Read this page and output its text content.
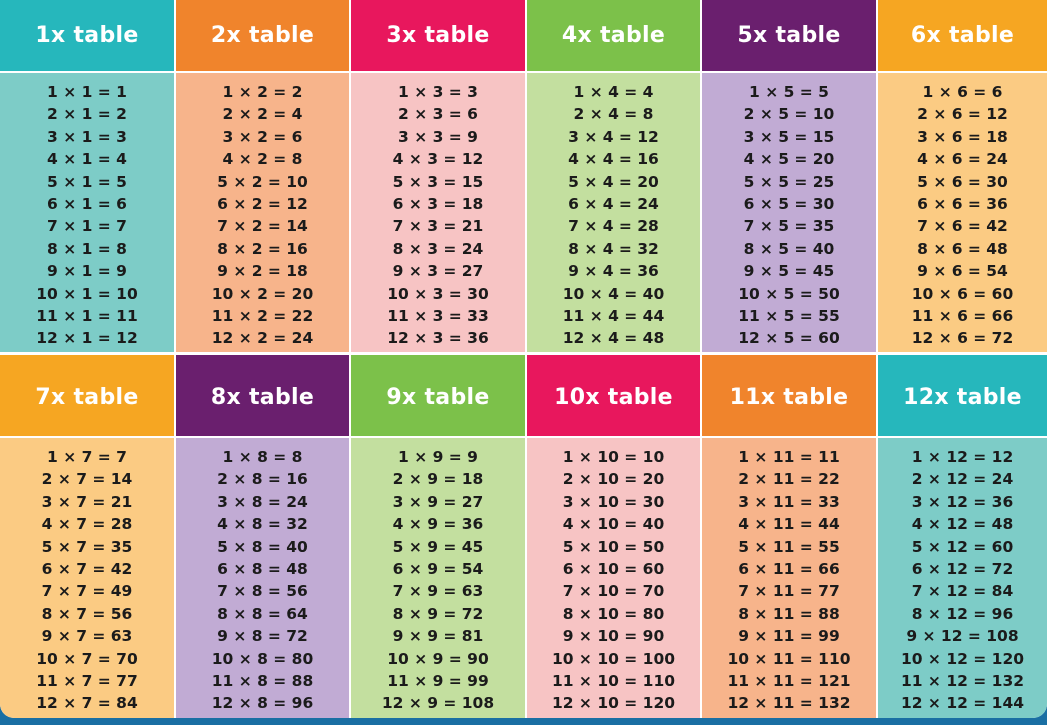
1x table
1 × 1 = 1
2 × 1 = 2
3 × 1 = 3
4 × 1 = 4
5 × 1 = 5
6 × 1 = 6
7 × 1 = 7
8 × 1 = 8
9 × 1 = 9
10 × 1 = 10
11 × 1 = 11
12 × 1 = 12
2x table
1 × 2 = 2
2 × 2 = 4
3 × 2 = 6
4 × 2 = 8
5 × 2 = 10
6 × 2 = 12
7 × 2 = 14
8 × 2 = 16
9 × 2 = 18
10 × 2 = 20
11 × 2 = 22
12 × 2 = 24
3x table
1 × 3 = 3
2 × 3 = 6
3 × 3 = 9
4 × 3 = 12
5 × 3 = 15
6 × 3 = 18
7 × 3 = 21
8 × 3 = 24
9 × 3 = 27
10 × 3 = 30
11 × 3 = 33
12 × 3 = 36
4x table
1 × 4 = 4
2 × 4 = 8
3 × 4 = 12
4 × 4 = 16
5 × 4 = 20
6 × 4 = 24
7 × 4 = 28
8 × 4 = 32
9 × 4 = 36
10 × 4 = 40
11 × 4 = 44
12 × 4 = 48
5x table
1 × 5 = 5
2 × 5 = 10
3 × 5 = 15
4 × 5 = 20
5 × 5 = 25
6 × 5 = 30
7 × 5 = 35
8 × 5 = 40
9 × 5 = 45
10 × 5 = 50
11 × 5 = 55
12 × 5 = 60
6x table
1 × 6 = 6
2 × 6 = 12
3 × 6 = 18
4 × 6 = 24
5 × 6 = 30
6 × 6 = 36
7 × 6 = 42
8 × 6 = 48
9 × 6 = 54
10 × 6 = 60
11 × 6 = 66
12 × 6 = 72
7x table
1 × 7 = 7
2 × 7 = 14
3 × 7 = 21
4 × 7 = 28
5 × 7 = 35
6 × 7 = 42
7 × 7 = 49
8 × 7 = 56
9 × 7 = 63
10 × 7 = 70
11 × 7 = 77
12 × 7 = 84
8x table
1 × 8 = 8
2 × 8 = 16
3 × 8 = 24
4 × 8 = 32
5 × 8 = 40
6 × 8 = 48
7 × 8 = 56
8 × 8 = 64
9 × 8 = 72
10 × 8 = 80
11 × 8 = 88
12 × 8 = 96
9x table
1 × 9 = 9
2 × 9 = 18
3 × 9 = 27
4 × 9 = 36
5 × 9 = 45
6 × 9 = 54
7 × 9 = 63
8 × 9 = 72
9 × 9 = 81
10 × 9 = 90
11 × 9 = 99
12 × 9 = 108
10x table
1 × 10 = 10
2 × 10 = 20
3 × 10 = 30
4 × 10 = 40
5 × 10 = 50
6 × 10 = 60
7 × 10 = 70
8 × 10 = 80
9 × 10 = 90
10 × 10 = 100
11 × 10 = 110
12 × 10 = 120
11x table
1 × 11 = 11
2 × 11 = 22
3 × 11 = 33
4 × 11 = 44
5 × 11 = 55
6 × 11 = 66
7 × 11 = 77
8 × 11 = 88
9 × 11 = 99
10 × 11 = 110
11 × 11 = 121
12 × 11 = 132
12x table
1 × 12 = 12
2 × 12 = 24
3 × 12 = 36
4 × 12 = 48
5 × 12 = 60
6 × 12 = 72
7 × 12 = 84
8 × 12 = 96
9 × 12 = 108
10 × 12 = 120
11 × 12 = 132
12 × 12 = 144
